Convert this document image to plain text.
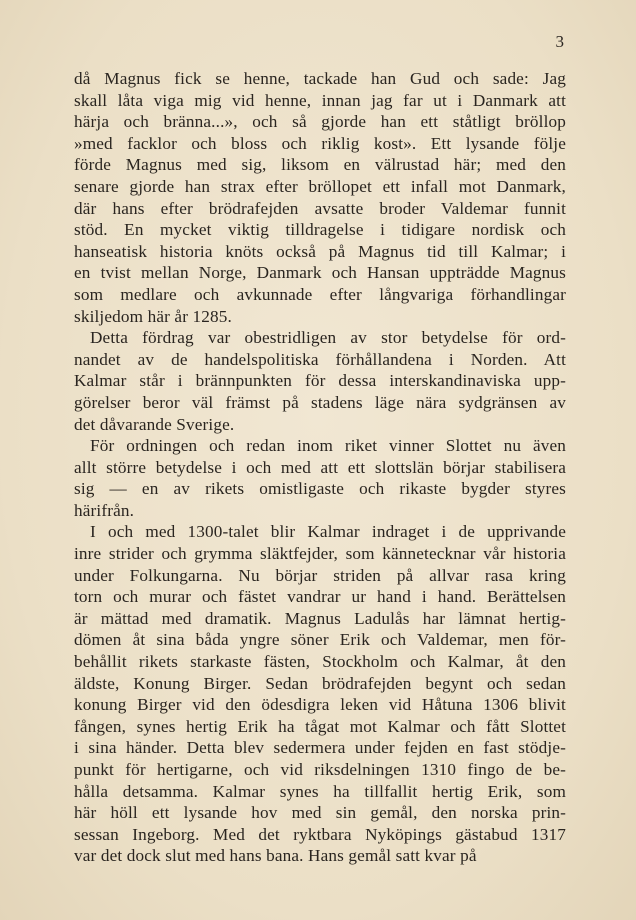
3
då Magnus fick se henne, tackade han Gud och sade: Jag
skall låta viga mig vid henne, innan jag far ut i Danmark att
härja och bränna...», och så gjorde han ett ståtligt bröllop
»med facklor och bloss och riklig kost». Ett lysande följe
förde Magnus med sig, liksom en välrustad här; med den
senare gjorde han strax efter bröllopet ett infall mot Danmark,
där hans efter brödrafejden avsatte broder Valdemar funnit
stöd. En mycket viktig tilldragelse i tidigare nordisk och
hanseatisk historia knöts också på Magnus tid till Kalmar; i
en tvist mellan Norge, Danmark och Hansan uppträdde Magnus
som medlare och avkunnade efter långvariga förhandlingar
skiljedom här år 1285.
Detta fördrag var obestridligen av stor betydelse för ord-
nandet av de handelspolitiska förhållandena i Norden. Att
Kalmar står i brännpunkten för dessa interskandinaviska upp-
görelser beror väl främst på stadens läge nära sydgränsen av
det dåvarande Sverige.
För ordningen och redan inom riket vinner Slottet nu även
allt större betydelse i och med att ett slottslän börjar stabilisera
sig — en av rikets omistligaste och rikaste bygder styres
härifrån.
I och med 1300-talet blir Kalmar indraget i de upprivande
inre strider och grymma släktfejder, som kännetecknar vår historia
under Folkungarna. Nu börjar striden på allvar rasa kring
torn och murar och fästet vandrar ur hand i hand. Berättelsen
är mättad med dramatik. Magnus Ladulås har lämnat hertig-
dömen åt sina båda yngre söner Erik och Valdemar, men för-
behållit rikets starkaste fästen, Stockholm och Kalmar, åt den
äldste, Konung Birger. Sedan brödrafejden begynt och sedan
konung Birger vid den ödesdigra leken vid Håtuna 1306 blivit
fången, synes hertig Erik ha tågat mot Kalmar och fått Slottet
i sina händer. Detta blev sedermera under fejden en fast stödje-
punkt för hertigarne, och vid riksdelningen 1310 fingo de be-
hålla detsamma. Kalmar synes ha tillfallit hertig Erik, som
här höll ett lysande hov med sin gemål, den norska prin-
sessan Ingeborg. Med det ryktbara Nyköpings gästabud 1317
var det dock slut med hans bana. Hans gemål satt kvar på
